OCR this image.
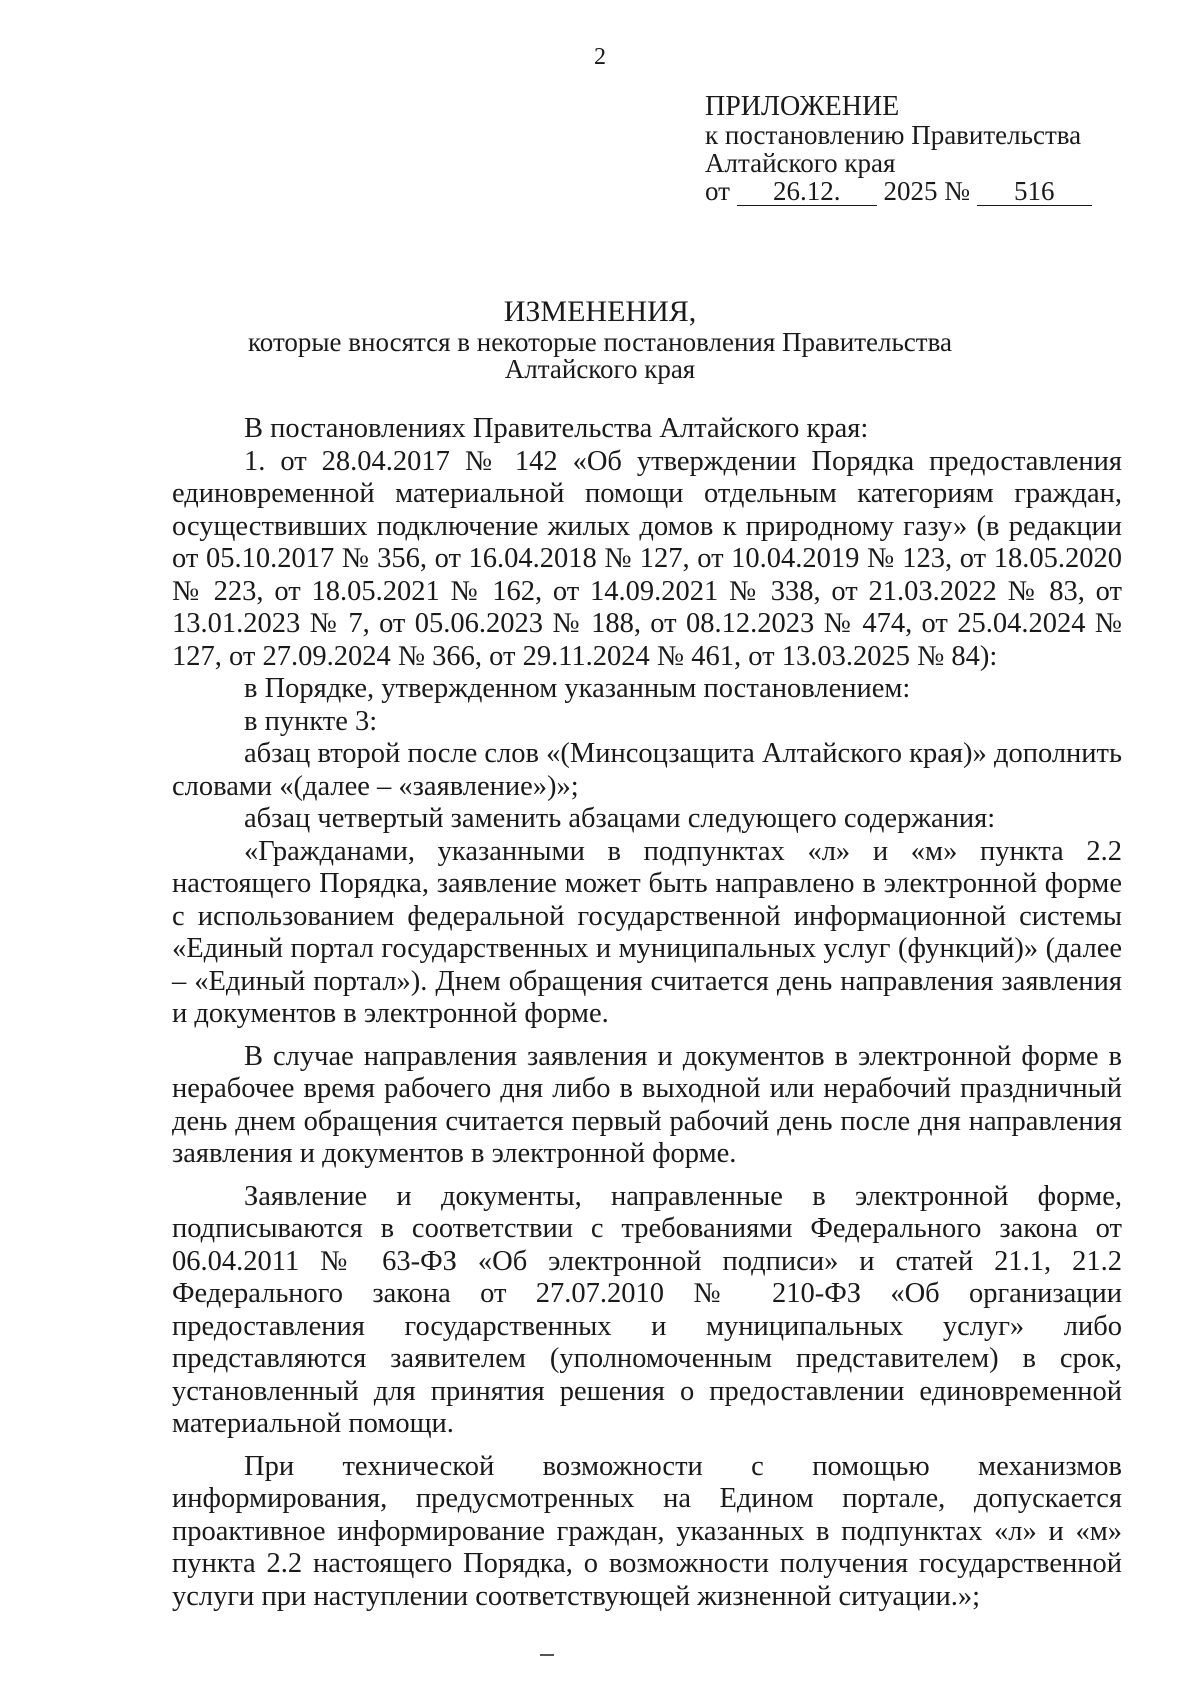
2
ПРИЛОЖЕНИЕ
к постановлению Правительства
Алтайского края
от 26.12. 2025 № 516
ИЗМЕНЕНИЯ,
которые вносятся в некоторые постановления Правительства
Алтайского края

В постановлениях Правительства Алтайского края:

1. от 28.04.2017 № 142 «Об утверждении Порядка предоставления единовременной материальной помощи отдельным категориям граждан, осуществивших подключение жилых домов к природному газу» (в редакции от 05.10.2017 № 356, от 16.04.2018 № 127, от 10.04.2019 № 123, от 18.05.2020 № 223, от 18.05.2021 № 162, от 14.09.2021 № 338, от 21.03.2022 № 83, от 13.01.2023 № 7, от 05.06.2023 № 188, от 08.12.2023 № 474, от 25.04.2024 № 127, от 27.09.2024 № 366, от 29.11.2024 № 461, от 13.03.2025 № 84):

в Порядке, утвержденном указанным постановлением:

в пункте 3:

абзац второй после слов «(Минсоцзащита Алтайского края)» дополнить словами «(далее – «заявление»)»;

абзац четвертый заменить абзацами следующего содержания:

«Гражданами, указанными в подпунктах «л» и «м» пункта 2.2 настоящего Порядка, заявление может быть направлено в электронной форме с использованием федеральной государственной информационной системы «Единый портал государственных и муниципальных услуг (функций)» (далее – «Единый портал»). Днем обращения считается день направления заявления и документов в электронной форме.

В случае направления заявления и документов в электронной форме в нерабочее время рабочего дня либо в выходной или нерабочий праздничный день днем обращения считается первый рабочий день после дня направления заявления и документов в электронной форме.

Заявление и документы, направленные в электронной форме, подписываются в соответствии с требованиями Федерального закона от 06.04.2011 № 63-ФЗ «Об электронной подписи» и статей 21.1, 21.2 Федерального закона от 27.07.2010 № 210-ФЗ «Об организации предоставления государственных и муниципальных услуг» либо представляются заявителем (уполномоченным представителем) в срок, установленный для принятия решения о предоставлении единовременной материальной помощи.

При технической возможности с помощью механизмов информирования, предусмотренных на Едином портале, допускается проактивное информирование граждан, указанных в подпунктах «л» и «м» пункта 2.2 настоящего Порядка, о возможности получения государственной услуги при наступлении соответствующей жизненной ситуации.»;
